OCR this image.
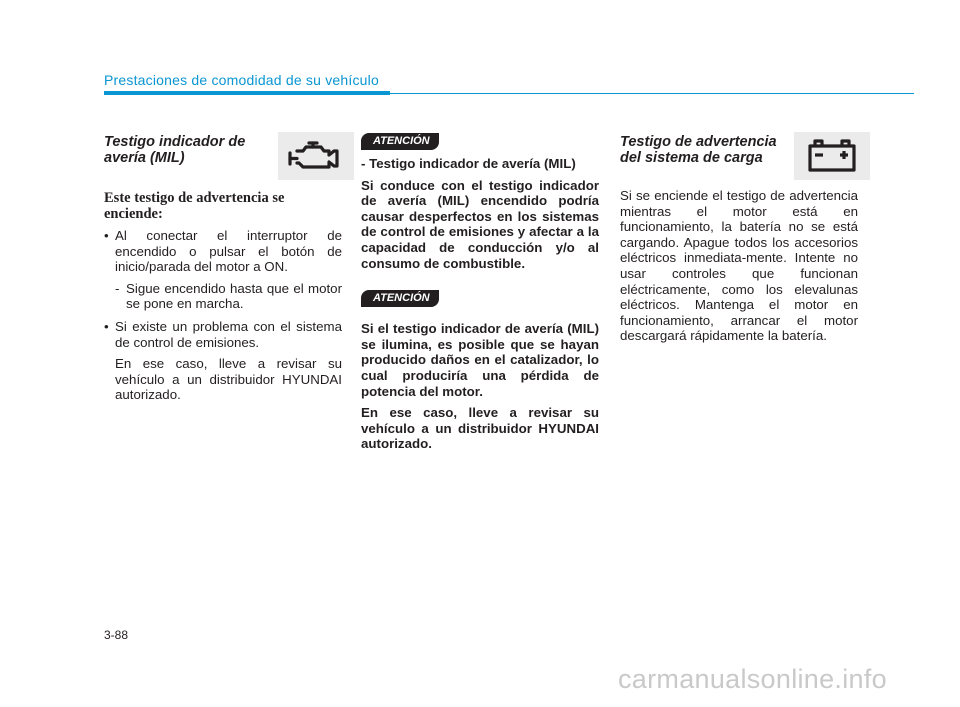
Prestaciones de comodidad de su vehículo
Testigo indicador de avería (MIL)
Este testigo de advertencia se enciende:
• Al conectar el interruptor de encendido o pulsar el botón de inicio/parada del motor a ON.
- Sigue encendido hasta que el motor se pone en marcha.
• Si existe un problema con el sistema de control de emisiones.
En ese caso, lleve a revisar su vehículo a un distribuidor HYUNDAI autorizado.
ATENCIÓN

- Testigo indicador de avería (MIL)

Si conduce con el testigo indicador de avería (MIL) encendido podría causar desperfectos en los sistemas de control de emisiones y afectar a la capacidad de conducción y/o al consumo de combustible.

ATENCIÓN

Si el testigo indicador de avería (MIL) se ilumina, es posible que se hayan producido daños en el catalizador, lo cual produciría una pérdida de potencia del motor.

En ese caso, lleve a revisar su vehículo a un distribuidor HYUNDAI autorizado.

Testigo de advertencia del sistema de carga
Si se enciende el testigo de advertencia mientras el motor está en funcionamiento, la batería no se está cargando. Apague todos los accesorios eléctricos inmediata-mente. Intente no usar controles que funcionan eléctricamente, como los elevalunas eléctricos. Mantenga el motor en funcionamiento, arrancar el motor descargará rápidamente la batería.
3-88
carmanualsonline.info
